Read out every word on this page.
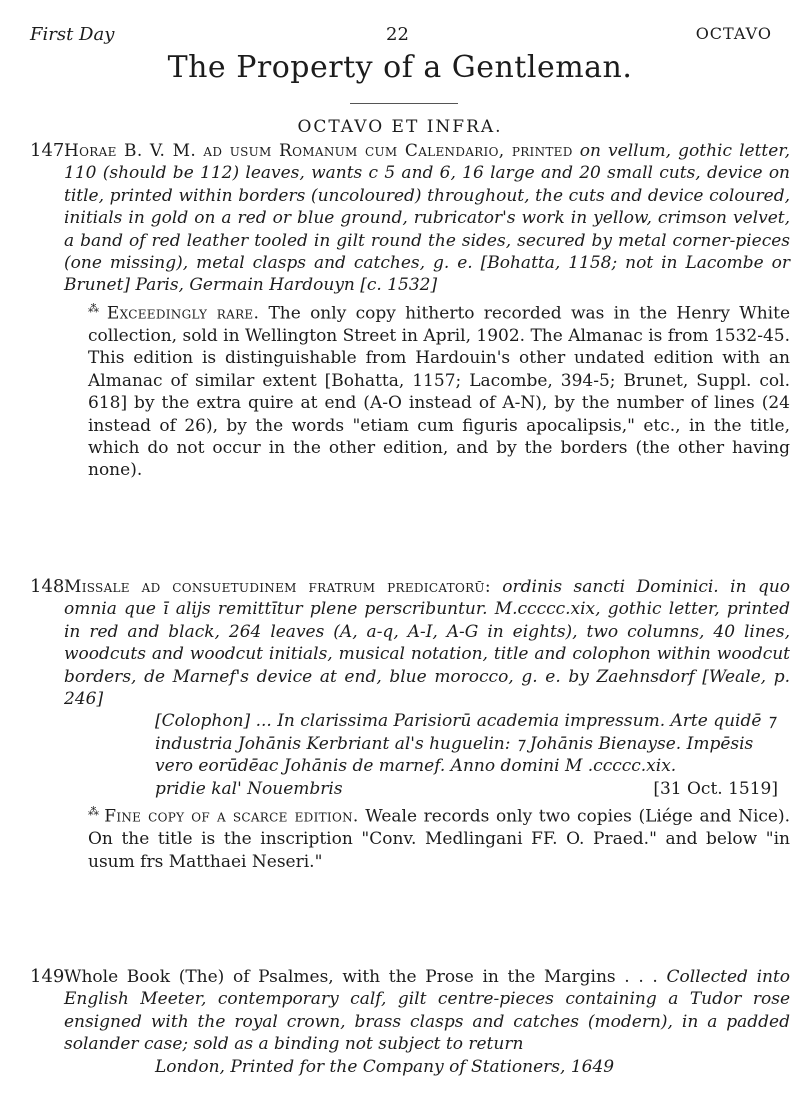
First Day	22	OCTAVO
The Property of a Gentleman.
OCTAVO ET INFRA.
147 Horae B. V. M. ad usum Romanum cum Calendario, printed on vellum, gothic letter, 110 (should be 112) leaves, wants c 5 and 6, 16 large and 20 small cuts, device on title, printed within borders (uncoloured) throughout, the cuts and device coloured, initials in gold on a red or blue ground, rubricator's work in yellow, crimson velvet, a band of red leather tooled in gilt round the sides, secured by metal corner-pieces (one missing), metal clasps and catches, g. e. [Bohatta, 1158; not in Lacombe or Brunet] Paris, Germain Hardouyn [c. 1532]
⁂ Exceedingly rare. The only copy hitherto recorded was in the Henry White collection, sold in Wellington Street in April, 1902. The Almanac is from 1532-45. This edition is distinguishable from Hardouin's other undated edition with an Almanac of similar extent [Bohatta, 1157; Lacombe, 394-5; Brunet, Suppl. col. 618] by the extra quire at end (A-O instead of A-N), by the number of lines (24 instead of 26), by the words "etiam cum figuris apocalipsis," etc., in the title, which do not occur in the other edition, and by the borders (the other having none).
148 Missale ad consuetudinem fratrum predicatorū: ordinis sancti Dominici. in quo omnia que ī alijs remittītur plene perscribuntur. M.ccccc.xix, gothic letter, printed in red and black, 264 leaves (A, a-q, A-I, A-G in eights), two columns, 40 lines, woodcuts and woodcut initials, musical notation, title and colophon within woodcut borders, de Marnef's device at end, blue morocco, g. e. by Zaehnsdorf [Weale, p. 246]
[Colophon] ... In clarissima Parisiorū academia impressum. Arte quidē ⁊ industria Johānis Kerbriant al's huguelin: ⁊ Johānis Bienayse. Impēsis vero eorūdēac Johānis de marnef. Anno domini M .ccccc.xix.
pridie kal' Nouembris	[31 Oct. 1519]
⁂ Fine copy of a scarce edition. Weale records only two copies (Liége and Nice). On the title is the inscription "Conv. Medlingani FF. O. Praed." and below "in usum frs Matthaei Neseri."
149 Whole Book (The) of Psalmes, with the Prose in the Margins . . . Collected into English Meeter, contemporary calf, gilt centre-pieces containing a Tudor rose ensigned with the royal crown, brass clasps and catches (modern), in a padded solander case; sold as a binding not subject to return
London, Printed for the Company of Stationers, 1649
